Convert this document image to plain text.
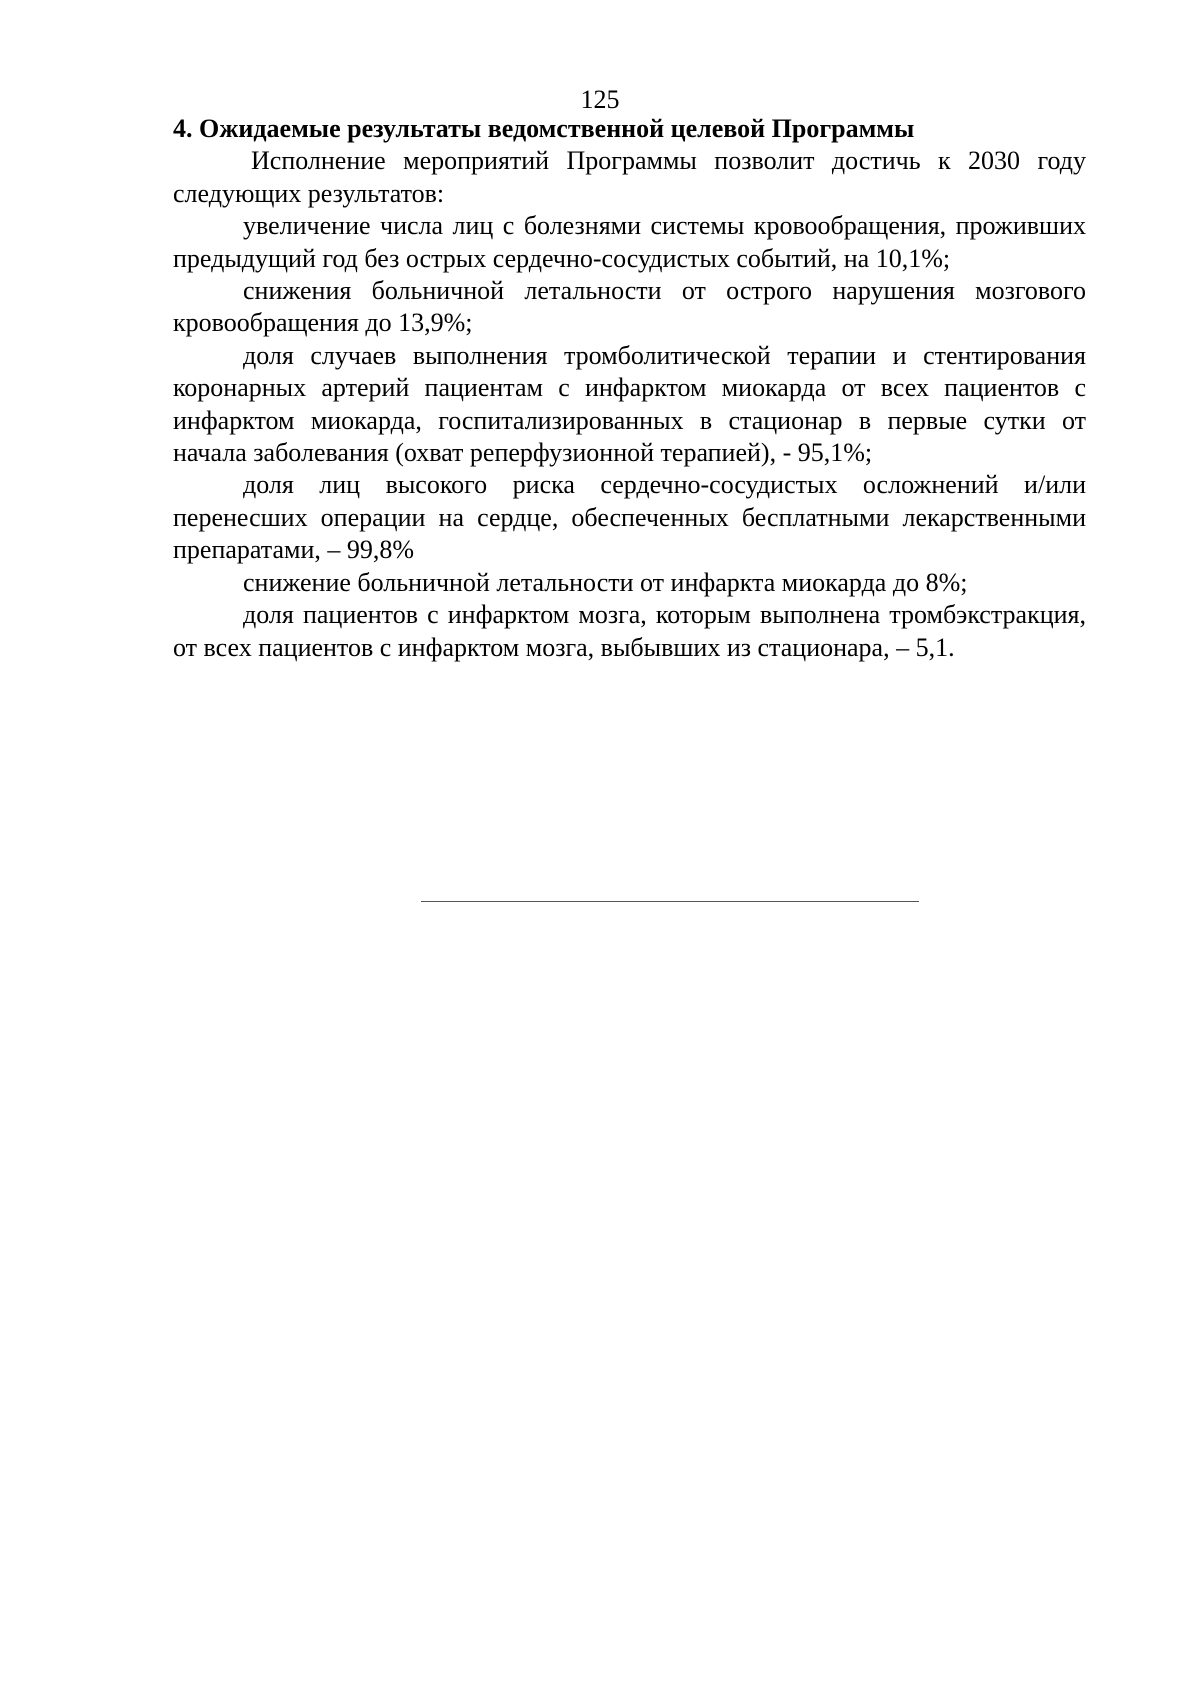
125

4. Ожидаемые результаты ведомственной целевой Программы

Исполнение мероприятий Программы позволит достичь к 2030 году следующих результатов:

увеличение числа лиц с болезнями системы кровообращения, проживших предыдущий год без острых сердечно-сосудистых событий, на 10,1%;

снижения больничной летальности от острого нарушения мозгового кровообращения до 13,9%;

доля случаев выполнения тромболитической терапии и стентирования коронарных артерий пациентам с инфарктом миокарда от всех пациентов с инфарктом миокарда, госпитализированных в стационар в первые сутки от начала заболевания (охват реперфузионной терапией), - 95,1%;

доля лиц высокого риска сердечно-сосудистых осложнений и/или перенесших операции на сердце, обеспеченных бесплатными лекарственными препаратами, – 99,8%

снижение больничной летальности от инфаркта миокарда до 8%;

доля пациентов с инфарктом мозга, которым выполнена тромбэкстракция, от всех пациентов с инфарктом мозга, выбывших из стационара, – 5,1.
